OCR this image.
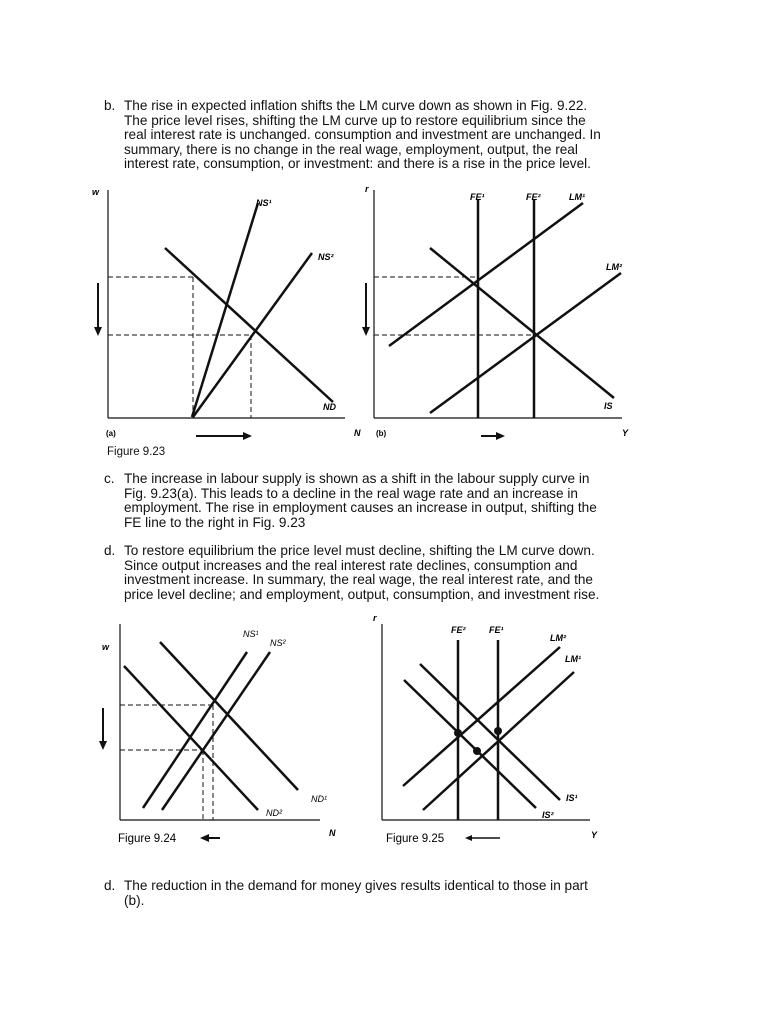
b. The rise in expected inflation shifts the LM curve down as shown in Fig. 9.22.
The price level rises, shifting the LM curve up to restore equilibrium since the
real interest rate is unchanged. consumption and investment are unchanged. In
summary, there is no change in the real wage, employment, output, the real
interest rate, consumption, or investment: and there is a rise in the price level.
w
NS¹
NS²
ND
N
(a)
r
FE¹	FE²	LM¹
LM²
IS
Y
(b)
Figure 9.23
c. The increase in labour supply is shown as a shift in the labour supply curve in
Fig. 9.23(a). This leads to a decline in the real wage rate and an increase in
employment. The rise in employment causes an increase in output, shifting the
FE line to the right in Fig. 9.23
d. To restore equilibrium the price level must decline, shifting the LM curve down.
Since output increases and the real interest rate declines, consumption and
investment increase. In summary, the real wage, the real interest rate, and the
price level decline; and employment, output, consumption, and investment rise.
w
NS¹
NS²
ND¹
ND²
N
Figure 9.24
r
FE²	FE¹
LM²
LM¹
IS¹
IS²
Y
Figure 9.25
d. The reduction in the demand for money gives results identical to those in part
(b).
